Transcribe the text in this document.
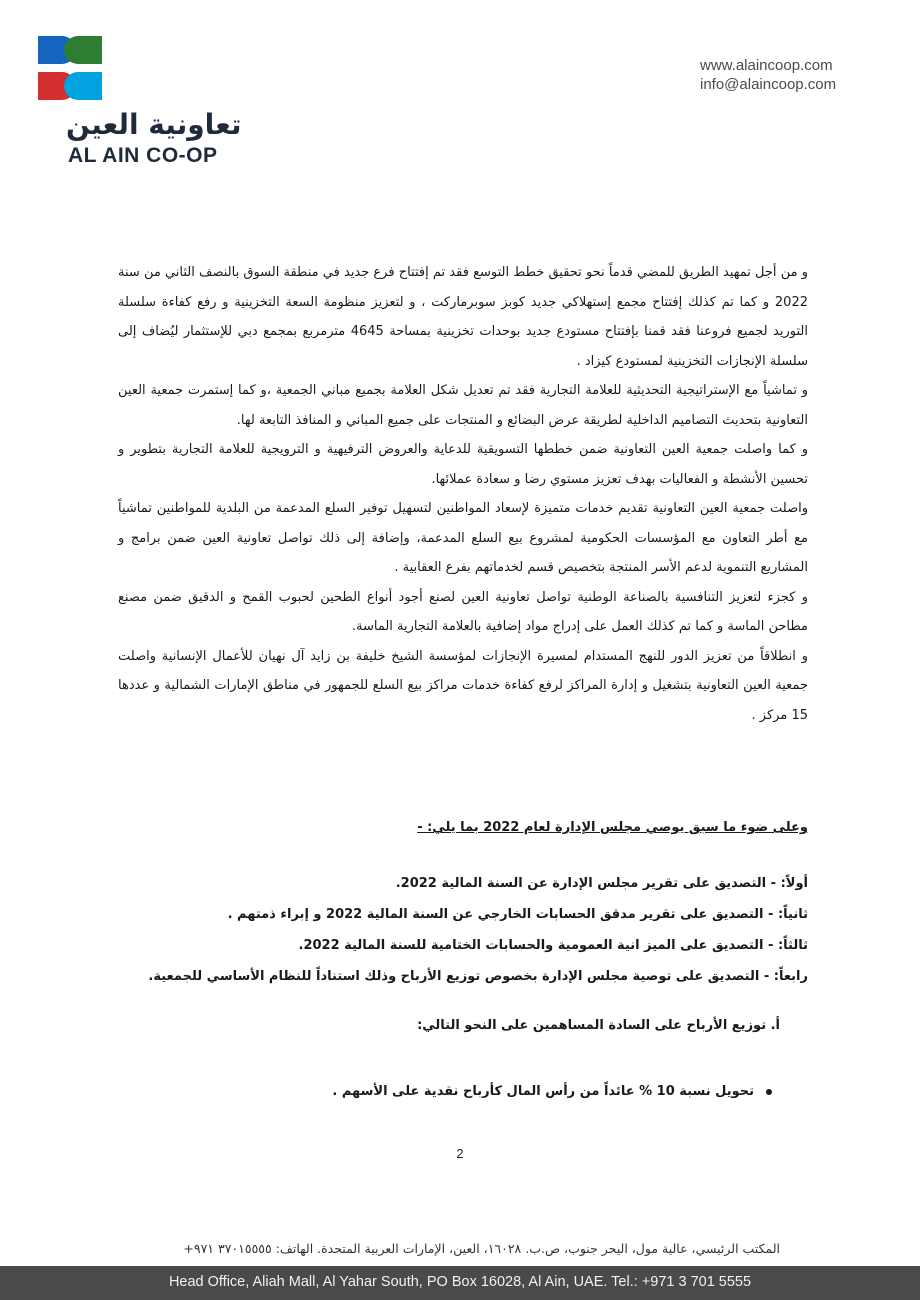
تعاونية العين
AL AIN CO-OP
www.alaincoop.com
info@alaincoop.com

و من أجل تمهيد الطريق للمضي قدماً نحو تحقيق خطط التوسع فقد تم إفتتاح فرع جديد في منطقة السوق بالنصف الثاني من سنة 2022 و كما تم كذلك إفتتاح مجمع إستهلاكي جديد كوبز سوبرماركت ، و لتعزيز منظومة السعة التخزينية و رفع كفاءة سلسلة التوريد لجميع فروعنا فقد قمنا بإفتتاح مستودع جديد بوحدات تخزينية بمساحة 4645 مترمربع بمجمع دبي للإستثمار ليُضاف إلى سلسلة الإنجازات التخزينية لمستودع كيزاد .

و تماشياً مع الإستراتيجية التحديثية للعلامة التجارية فقد تم تعديل شكل العلامة بجميع مباني الجمعية ،و كما إستمرت جمعية العين التعاونية بتحديث التصاميم الداخلية لطريقة عرض البضائع و المنتجات على جميع المباني و المنافذ التابعة لها.

و كما واصلت جمعية العين التعاونية ضمن خططها التسويقية للدعاية والعروض الترفيهية و الترويجية للعلامة التجارية بتطوير و تحسين الأنشطة و الفعاليات بهدف تعزيز مستوي رضا و سعادة عملائها.

واصلت جمعية العين التعاونية تقديم خدمات متميزة لإسعاد المواطنين لتسهيل توفير السلع المدعمة من البلدية للمواطنين تماشياً مع أطر التعاون مع المؤسسات الحكومية لمشروع بيع السلع المدعمة، وإضافة إلى ذلك تواصل تعاونية العين ضمن برامج و المشاريع التنموية لدعم الأسر المنتجة بتخصيص قسم لخدماتهم بفرع العقابية .

و كجزء لتعزيز التنافسية بالصناعة الوطنية تواصل تعاونية العين لصنع أجود أنواع الطحين لحبوب القمح و الدقيق ضمن مصنع مطاحن الماسة و كما تم كذلك العمل على إدراج مواد إضافية بالعلامة التجارية الماسة.

و انطلاقاً من تعزيز الدور للنهج المستدام لمسيرة الإنجازات لمؤسسة الشيخ خليفة بن زايد آل نهيان للأعمال الإنسانية واصلت جمعية العين التعاونية بتشغيل و إدارة المراكز لرفع كفاءة خدمات مراكز بيع السلع للجمهور في مناطق الإمارات الشمالية و عددها 15 مركز .

وعلى ضوء ما سبق يوصي مجلس الإدارة لعام 2022 بما يلي: -

أولاً: - التصديق على تقرير مجلس الإدارة عن السنة المالية 2022.

ثانياً: - التصديق على تقرير مدقق الحسابات الخارجي عن السنة المالية 2022 و إبراء ذمتهم .

ثالثاً: - التصديق على الميز انية العمومية والحسابات الختامية للسنة المالية 2022.

رابعاً: - التصديق على توصية مجلس الإدارة بخصوص توزيع الأرباح وذلك استناداً للنظام الأساسي للجمعية.

أ. توزيع الأرباح على السادة المساهمين على النحو التالي:
تحويل نسبة 10 % عائداً من رأس المال كأرباح نقدية على الأسهم .
2
المكتب الرئيسي، عالية مول، اليحر جنوب، ص.ب. ١٦٠٢٨، العين، الإمارات العربية المتحدة. الهاتف: ٣٧٠١٥٥٥٥ ٩٧١+
Head Office, Aliah Mall, Al Yahar South, PO Box 16028, Al Ain, UAE. Tel.: +971 3 701 5555
